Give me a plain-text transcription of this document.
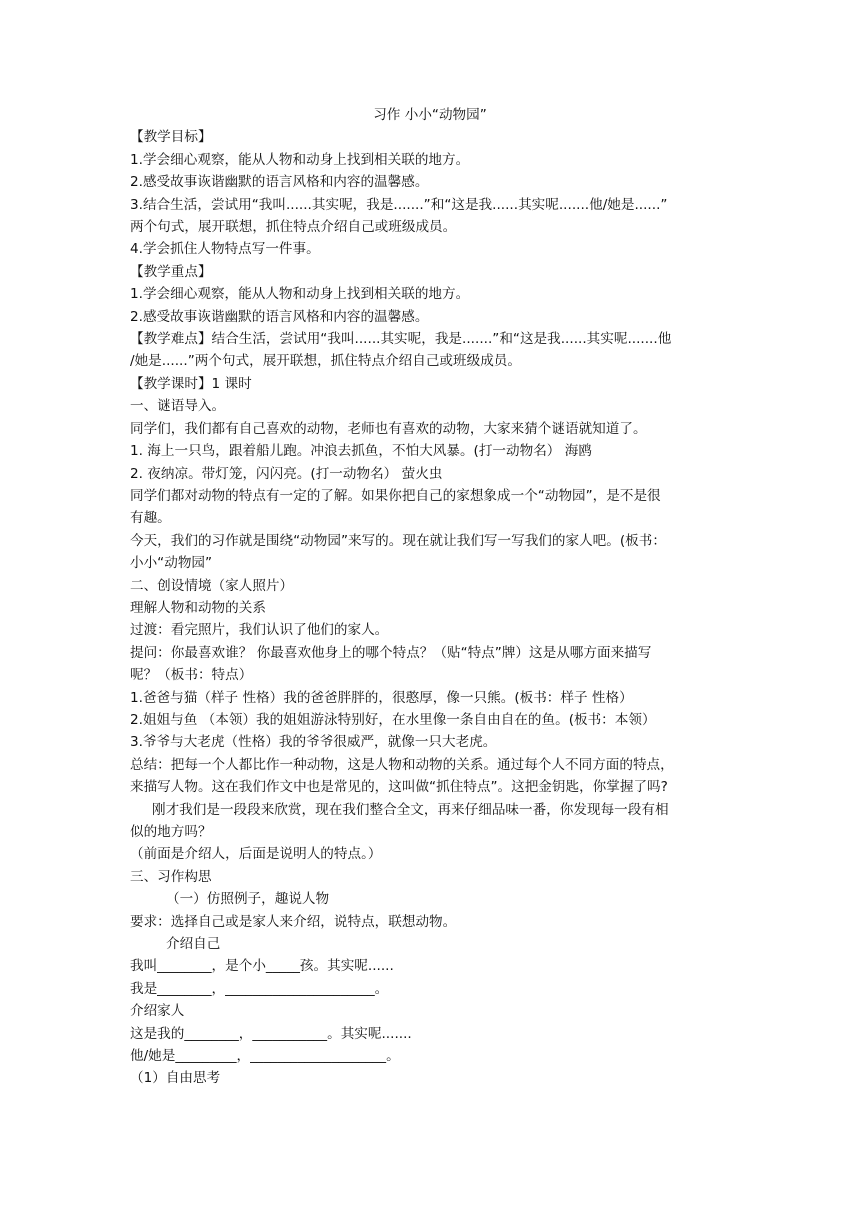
习作 小小“动物园”
【教学目标】
1.学会细心观察，能从人物和动身上找到相关联的地方。
2.感受故事诙谐幽默的语言风格和内容的温馨感。
3.结合生活，尝试用“我叫......其实呢，我是.......”和“这是我......其实呢.......他/她是......”
两个句式，展开联想，抓住特点介绍自己或班级成员。
4.学会抓住人物特点写一件事。
【教学重点】
1.学会细心观察，能从人物和动身上找到相关联的地方。
2.感受故事诙谐幽默的语言风格和内容的温馨感。
【教学难点】结合生活，尝试用“我叫......其实呢，我是.......”和“这是我......其实呢.......他
/她是......”两个句式，展开联想，抓住特点介绍自己或班级成员。
【教学课时】1 课时
一、谜语导入。
同学们，我们都有自己喜欢的动物，老师也有喜欢的动物，大家来猜个谜语就知道了。
1. 海上一只鸟，跟着船儿跑。冲浪去抓鱼，不怕大风暴。(打一动物名） 海鸥
2. 夜纳凉。带灯笼，闪闪亮。(打一动物名） 萤火虫
同学们都对动物的特点有一定的了解。如果你把自己的家想象成一个“动物园”，是不是很
有趣。
今天，我们的习作就是围绕“动物园”来写的。现在就让我们写一写我们的家人吧。(板书：
小小“动物园”
二、创设情境（家人照片）
理解人物和动物的关系
过渡：看完照片，我们认识了他们的家人。
提问：你最喜欢谁？ 你最喜欢他身上的哪个特点？（贴“特点”牌）这是从哪方面来描写
呢？（板书：特点）
1.爸爸与猫（样子 性格）我的爸爸胖胖的，很憨厚，像一只熊。(板书：样子 性格）
2.姐姐与鱼 （本领）我的姐姐游泳特别好，在水里像一条自由自在的鱼。(板书：本领）
3.爷爷与大老虎（性格）我的爷爷很威严，就像一只大老虎。
总结：把每一个人都比作一种动物，这是人物和动物的关系。通过每个人不同方面的特点，
来描写人物。这在我们作文中也是常见的，这叫做“抓住特点”。这把金钥匙，你掌握了吗?
刚才我们是一段段来欣赏，现在我们整合全文，再来仔细品味一番，你发现每一段有相
似的地方吗？
（前面是介绍人，后面是说明人的特点。）
三、习作构思
（一）仿照例子，趣说人物
要求：选择自己或是家人来介绍，说特点，联想动物。
介绍自己
我叫________，是个小_____孩。其实呢......
我是________，______________________。
介绍家人
这是我的________，___________。其实呢.......
他/她是_________，____________________。
（1）自由思考
